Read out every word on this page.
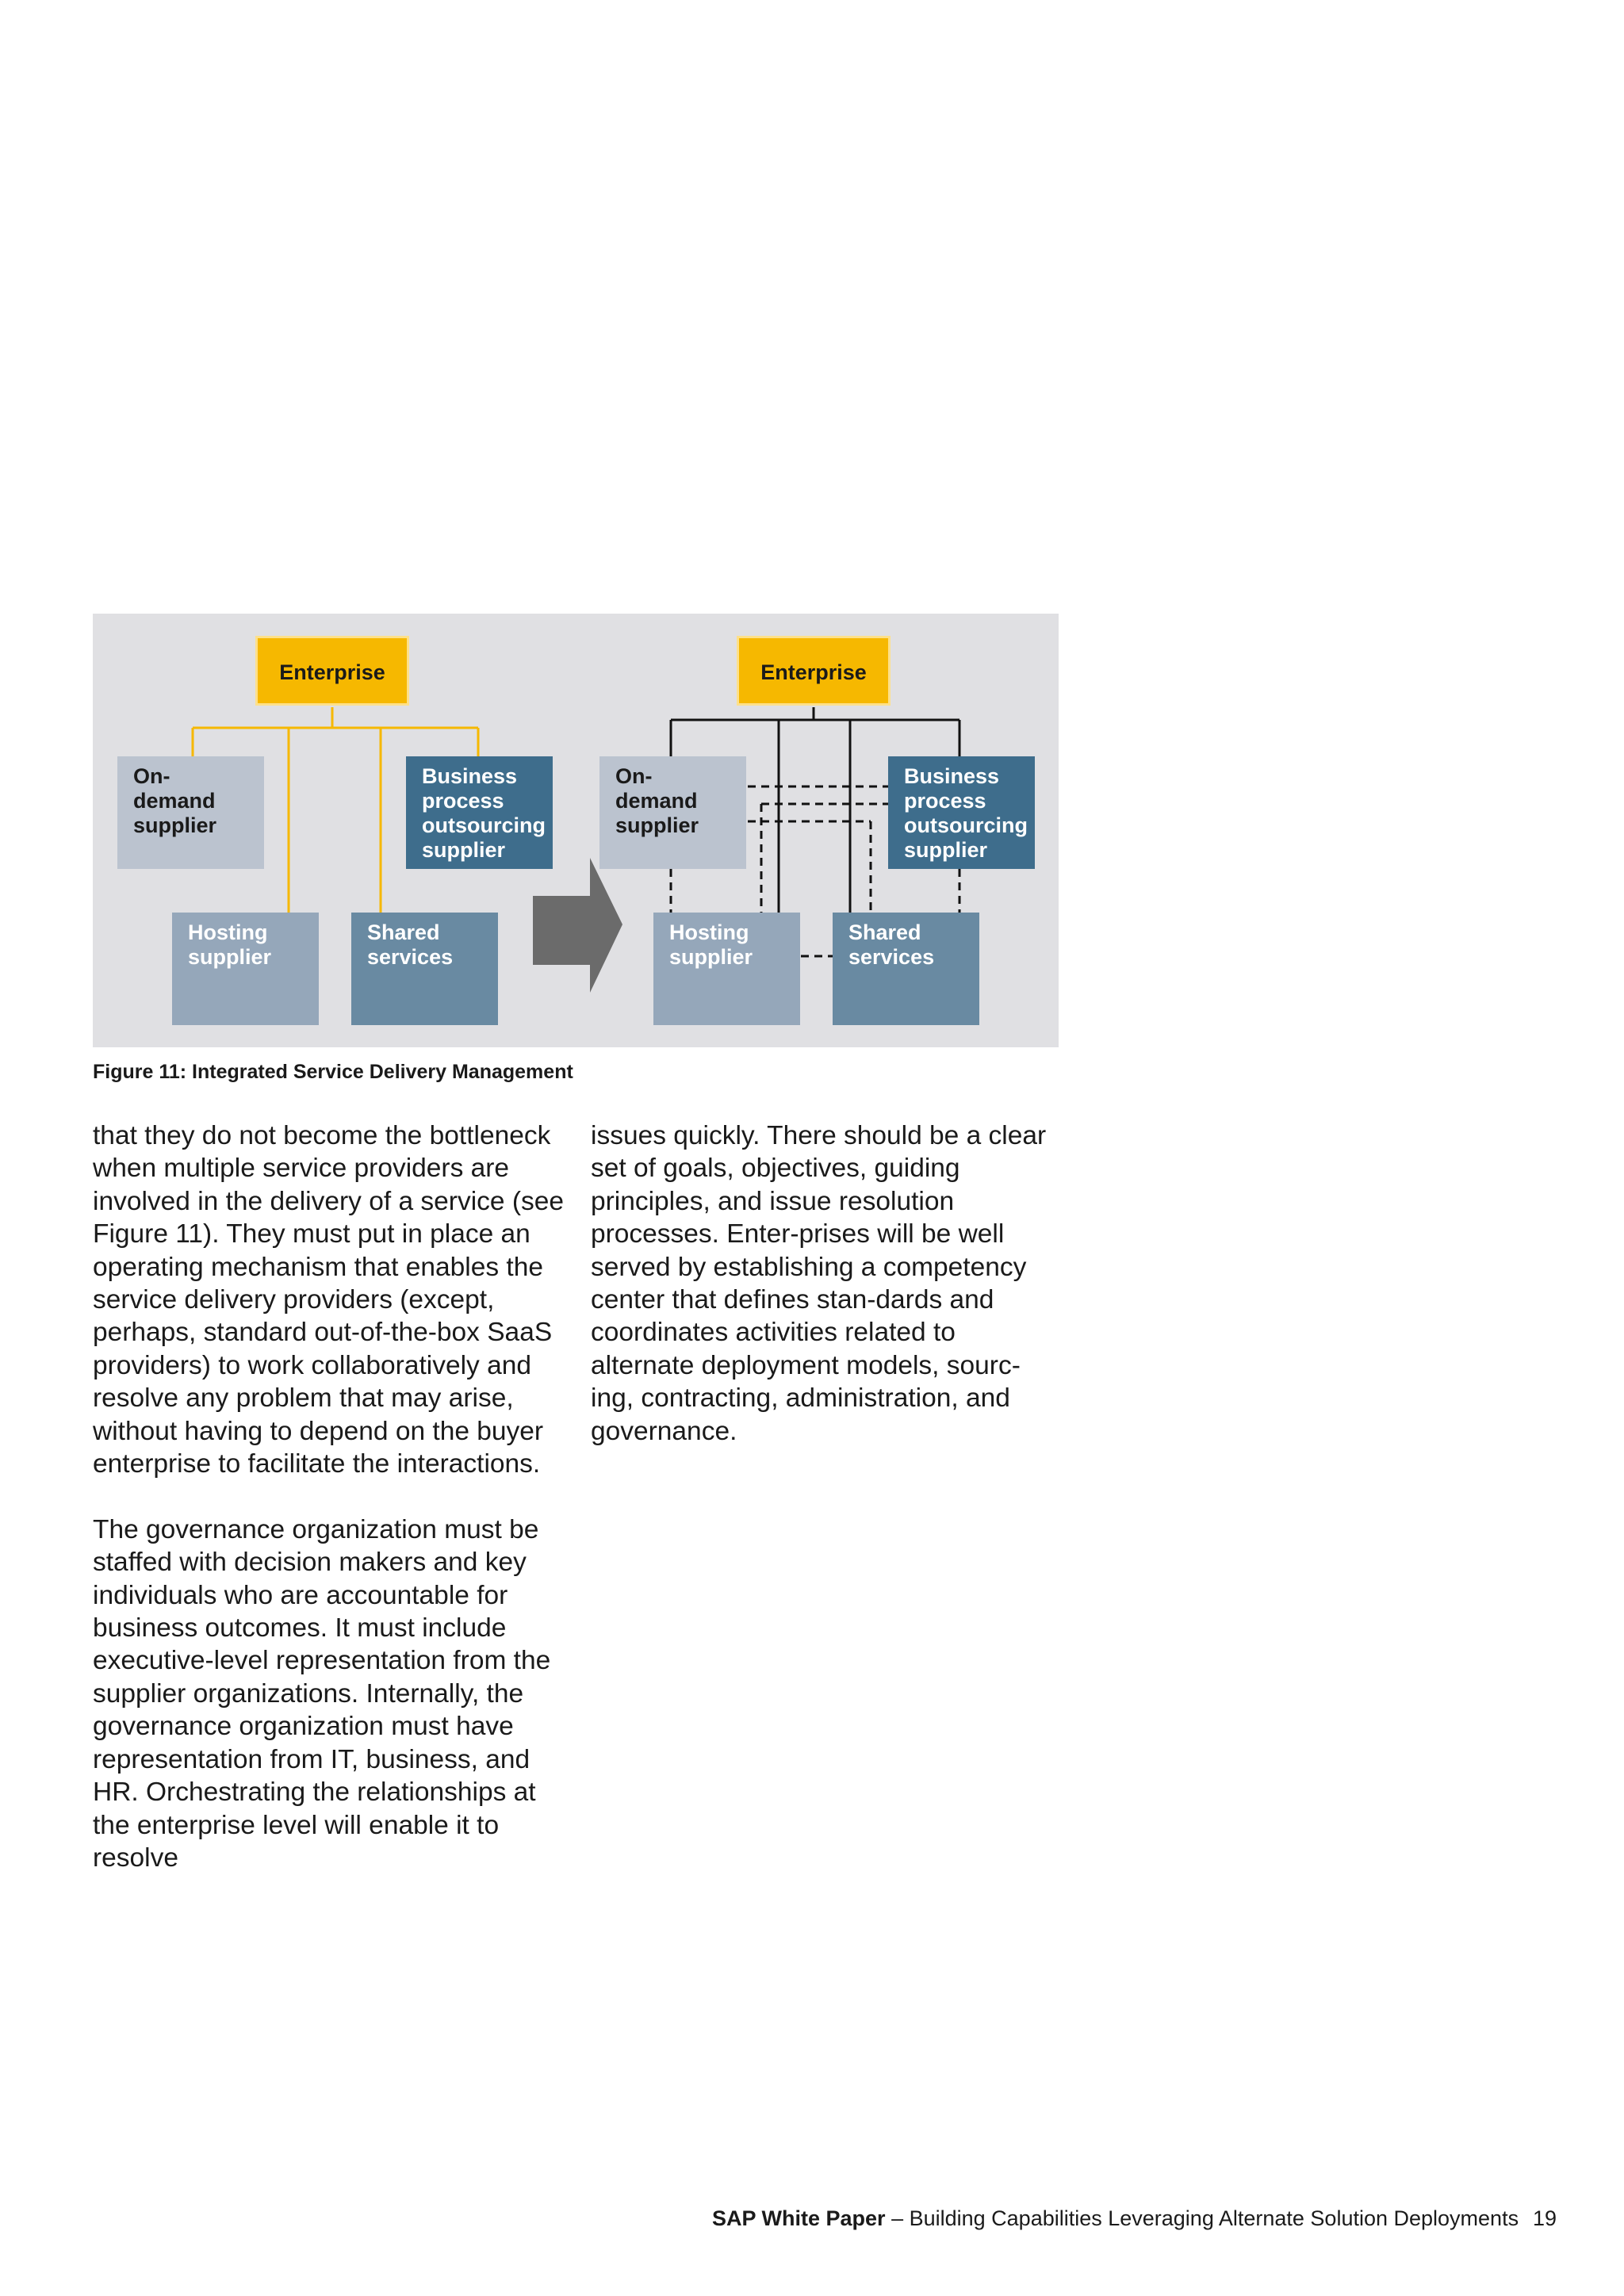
Enterprise
On-demand supplier
Business process outsourcing supplier
Hosting supplier
Shared services
Enterprise
On-demand supplier
Business process outsourcing supplier
Hosting supplier
Shared services
Figure 11: Integrated Service Delivery Management

that they do not become the bottleneck when multiple service providers are involved in the delivery of a service (see Figure 11). They must put in place an operating mechanism that enables the service delivery providers (except, perhaps, standard out-of-the-box SaaS providers) to work collaboratively and resolve any problem that may arise, without having to depend on the buyer enterprise to facilitate the interactions.

The governance organization must be staffed with decision makers and key individuals who are accountable for business outcomes. It must include executive-level representation from the supplier organizations. Internally, the governance organization must have representation from IT, business, and HR. Orchestrating the relationships at the enterprise level will enable it to resolve

issues quickly. There should be a clear set of goals, objectives, guiding principles, and issue resolution processes. Enter-prises will be well served by establishing a competency center that defines stan-dards and coordinates activities related to alternate deployment models, sourc-ing, contracting, administration, and governance.

SAP White Paper – Building Capabilities Leveraging Alternate Solution Deployments 19
